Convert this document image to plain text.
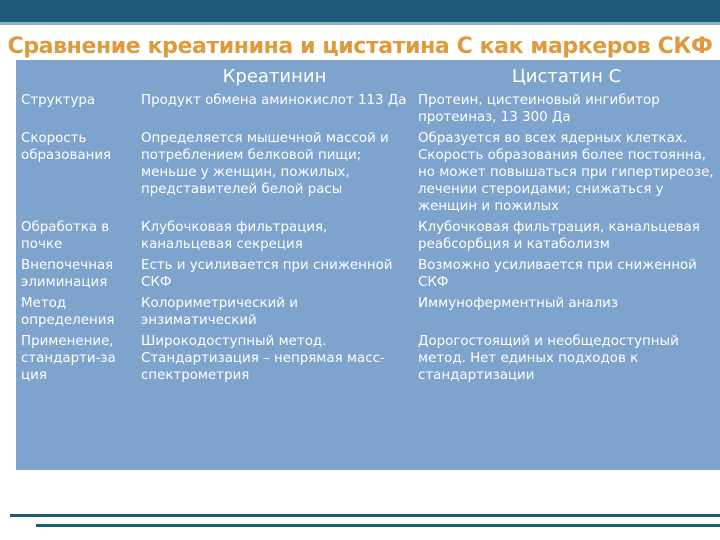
Сравнение креатинина и цистатина С как маркеров СКФ
	Креатинин	Цистатин С
Структура	Продукт обмена аминокислот 113 Да	Протеин, цистеиновый ингибитор протеиназ, 13 300 Да
Скорость образования	Определяется мышечной массой и потреблением белковой пищи; меньше у женщин, пожилых, представителей белой расы	Образуется во всех ядерных клетках. Скорость образования более постоянна, но может повышаться при гипертиреозе, лечении стероидами; снижаться у женщин и пожилых
Обработка в почке	Клубочковая фильтрация, канальцевая секреция	Клубочковая фильтрация, канальцевая реабсорбция и катаболизм
Внепочечная элиминация	Есть и усиливается при сниженной СКФ	Возможно усиливается при сниженной СКФ
Метод определения	Колориметрический и энзиматический	Иммуноферментный анализ
Применение, стандарти-за ция	Широкодоступный метод. Стандартизация – непрямая масс-спектрометрия	Дорогостоящий и необщедоступный метод. Нет единых подходов к стандартизации
